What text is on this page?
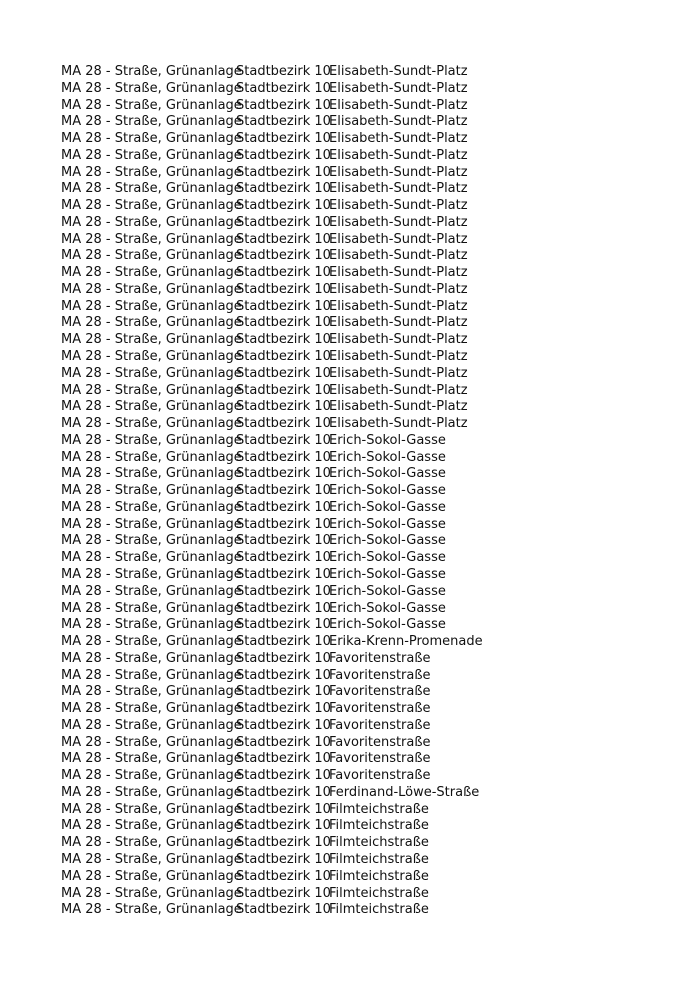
MA 28 - Straße, Grünanlage
Stadtbezirk 10
Elisabeth-Sundt-Platz
MA 28 - Straße, Grünanlage
Stadtbezirk 10
Elisabeth-Sundt-Platz
MA 28 - Straße, Grünanlage
Stadtbezirk 10
Elisabeth-Sundt-Platz
MA 28 - Straße, Grünanlage
Stadtbezirk 10
Elisabeth-Sundt-Platz
MA 28 - Straße, Grünanlage
Stadtbezirk 10
Elisabeth-Sundt-Platz
MA 28 - Straße, Grünanlage
Stadtbezirk 10
Elisabeth-Sundt-Platz
MA 28 - Straße, Grünanlage
Stadtbezirk 10
Elisabeth-Sundt-Platz
MA 28 - Straße, Grünanlage
Stadtbezirk 10
Elisabeth-Sundt-Platz
MA 28 - Straße, Grünanlage
Stadtbezirk 10
Elisabeth-Sundt-Platz
MA 28 - Straße, Grünanlage
Stadtbezirk 10
Elisabeth-Sundt-Platz
MA 28 - Straße, Grünanlage
Stadtbezirk 10
Elisabeth-Sundt-Platz
MA 28 - Straße, Grünanlage
Stadtbezirk 10
Elisabeth-Sundt-Platz
MA 28 - Straße, Grünanlage
Stadtbezirk 10
Elisabeth-Sundt-Platz
MA 28 - Straße, Grünanlage
Stadtbezirk 10
Elisabeth-Sundt-Platz
MA 28 - Straße, Grünanlage
Stadtbezirk 10
Elisabeth-Sundt-Platz
MA 28 - Straße, Grünanlage
Stadtbezirk 10
Elisabeth-Sundt-Platz
MA 28 - Straße, Grünanlage
Stadtbezirk 10
Elisabeth-Sundt-Platz
MA 28 - Straße, Grünanlage
Stadtbezirk 10
Elisabeth-Sundt-Platz
MA 28 - Straße, Grünanlage
Stadtbezirk 10
Elisabeth-Sundt-Platz
MA 28 - Straße, Grünanlage
Stadtbezirk 10
Elisabeth-Sundt-Platz
MA 28 - Straße, Grünanlage
Stadtbezirk 10
Elisabeth-Sundt-Platz
MA 28 - Straße, Grünanlage
Stadtbezirk 10
Elisabeth-Sundt-Platz
MA 28 - Straße, Grünanlage
Stadtbezirk 10
Erich-Sokol-Gasse
MA 28 - Straße, Grünanlage
Stadtbezirk 10
Erich-Sokol-Gasse
MA 28 - Straße, Grünanlage
Stadtbezirk 10
Erich-Sokol-Gasse
MA 28 - Straße, Grünanlage
Stadtbezirk 10
Erich-Sokol-Gasse
MA 28 - Straße, Grünanlage
Stadtbezirk 10
Erich-Sokol-Gasse
MA 28 - Straße, Grünanlage
Stadtbezirk 10
Erich-Sokol-Gasse
MA 28 - Straße, Grünanlage
Stadtbezirk 10
Erich-Sokol-Gasse
MA 28 - Straße, Grünanlage
Stadtbezirk 10
Erich-Sokol-Gasse
MA 28 - Straße, Grünanlage
Stadtbezirk 10
Erich-Sokol-Gasse
MA 28 - Straße, Grünanlage
Stadtbezirk 10
Erich-Sokol-Gasse
MA 28 - Straße, Grünanlage
Stadtbezirk 10
Erich-Sokol-Gasse
MA 28 - Straße, Grünanlage
Stadtbezirk 10
Erich-Sokol-Gasse
MA 28 - Straße, Grünanlage
Stadtbezirk 10
Erika-Krenn-Promenade
MA 28 - Straße, Grünanlage
Stadtbezirk 10
Favoritenstraße
MA 28 - Straße, Grünanlage
Stadtbezirk 10
Favoritenstraße
MA 28 - Straße, Grünanlage
Stadtbezirk 10
Favoritenstraße
MA 28 - Straße, Grünanlage
Stadtbezirk 10
Favoritenstraße
MA 28 - Straße, Grünanlage
Stadtbezirk 10
Favoritenstraße
MA 28 - Straße, Grünanlage
Stadtbezirk 10
Favoritenstraße
MA 28 - Straße, Grünanlage
Stadtbezirk 10
Favoritenstraße
MA 28 - Straße, Grünanlage
Stadtbezirk 10
Favoritenstraße
MA 28 - Straße, Grünanlage
Stadtbezirk 10
Ferdinand-Löwe-Straße
MA 28 - Straße, Grünanlage
Stadtbezirk 10
Filmteichstraße
MA 28 - Straße, Grünanlage
Stadtbezirk 10
Filmteichstraße
MA 28 - Straße, Grünanlage
Stadtbezirk 10
Filmteichstraße
MA 28 - Straße, Grünanlage
Stadtbezirk 10
Filmteichstraße
MA 28 - Straße, Grünanlage
Stadtbezirk 10
Filmteichstraße
MA 28 - Straße, Grünanlage
Stadtbezirk 10
Filmteichstraße
MA 28 - Straße, Grünanlage
Stadtbezirk 10
Filmteichstraße
